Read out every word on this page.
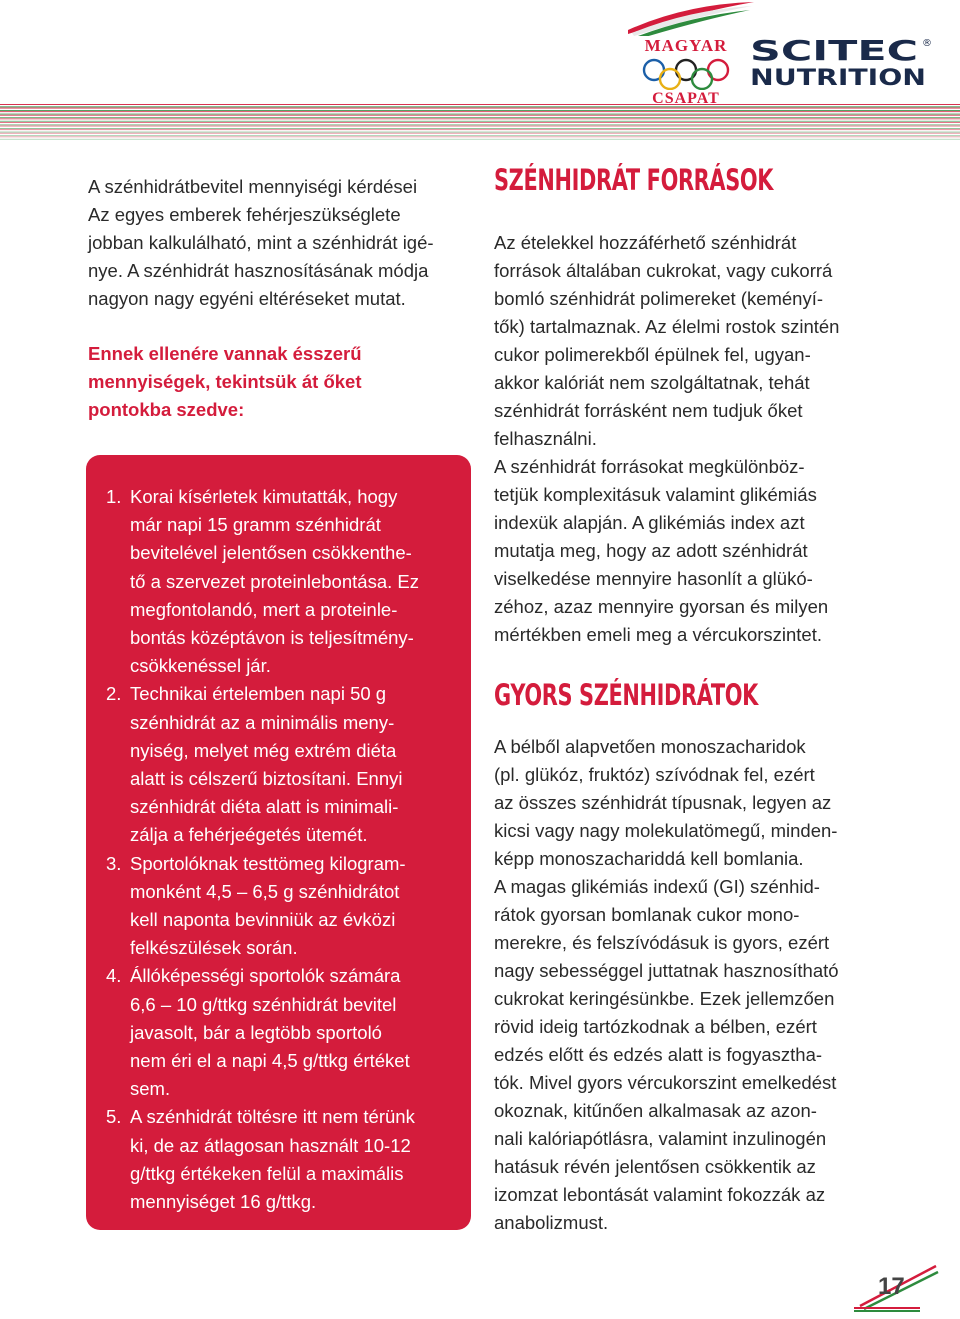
MAGYAR
CSAPAT
SCITEC ®
NUTRITION
A szénhidrátbevitel mennyiségi kérdései
Az egyes emberek fehérjeszükséglete
jobban kalkulálható, mint a szénhidrát igé-
nye. A szénhidrát hasznosításának módja
nagyon nagy egyéni eltéréseket mutat.
Ennek ellenére vannak ésszerű
mennyiségek, tekintsük át őket
pontokba szedve:
1. Korai kísérletek kimutatták, hogy
már napi 15 gramm szénhidrát
bevitelével jelentősen csökkenthe-
tő a szervezet proteinlebontása. Ez
megfontolandó, mert a proteinle-
bontás középtávon is teljesítmény-
csökkenéssel jár.
2. Technikai értelemben napi 50 g
szénhidrát az a minimális meny-
nyiség, melyet még extrém diéta
alatt is célszerű biztosítani. Ennyi
szénhidrát diéta alatt is minimali-
zálja a fehérjeégetés ütemét.
3. Sportolóknak testtömeg kilogram-
monként 4,5 – 6,5 g szénhidrátot
kell naponta bevinniük az évközi
felkészülések során.
4. Állóképességi sportolók számára
6,6 – 10 g/ttkg szénhidrát bevitel
javasolt, bár a legtöbb sportoló
nem éri el a napi 4,5 g/ttkg értéket
sem.
5. A szénhidrát töltésre itt nem térünk
ki, de az átlagosan használt 10-12
g/ttkg értékeken felül a maximális
mennyiséget 16 g/ttkg.
SZÉNHIDRÁT FORRÁSOK
Az ételekkel hozzáférhető szénhidrát
források általában cukrokat, vagy cukorrá
bomló szénhidrát polimereket (keményí-
tők) tartalmaznak. Az élelmi rostok szintén
cukor polimerekből épülnek fel, ugyan-
akkor kalóriát nem szolgáltatnak, tehát
szénhidrát forrásként nem tudjuk őket
felhasználni.
A szénhidrát forrásokat megkülönböz-
tetjük komplexitásuk valamint glikémiás
indexük alapján. A glikémiás index azt
mutatja meg, hogy az adott szénhidrát
viselkedése mennyire hasonlít a glükó-
zéhoz, azaz mennyire gyorsan és milyen
mértékben emeli meg a vércukorszintet.
GYORS SZÉNHIDRÁTOK
A bélből alapvetően monoszacharidok
(pl. glükóz, fruktóz) szívódnak fel, ezért
az összes szénhidrát típusnak, legyen az
kicsi vagy nagy molekulatömegű, minden-
képp monoszachariddá kell bomlania.
A magas glikémiás indexű (GI) szénhid-
rátok gyorsan bomlanak cukor mono-
merekre, és felszívódásuk is gyors, ezért
nagy sebességgel juttatnak hasznosítható
cukrokat keringésünkbe. Ezek jellemzően
rövid ideig tartózkodnak a bélben, ezért
edzés előtt és edzés alatt is fogyasztha-
tók. Mivel gyors vércukorszint emelkedést
okoznak, kitűnően alkalmasak az azon-
nali kalóriapótlásra, valamint inzulinogén
hatásuk révén jelentősen csökkentik az
izomzat lebontását valamint fokozzák az
anabolizmust.
17
